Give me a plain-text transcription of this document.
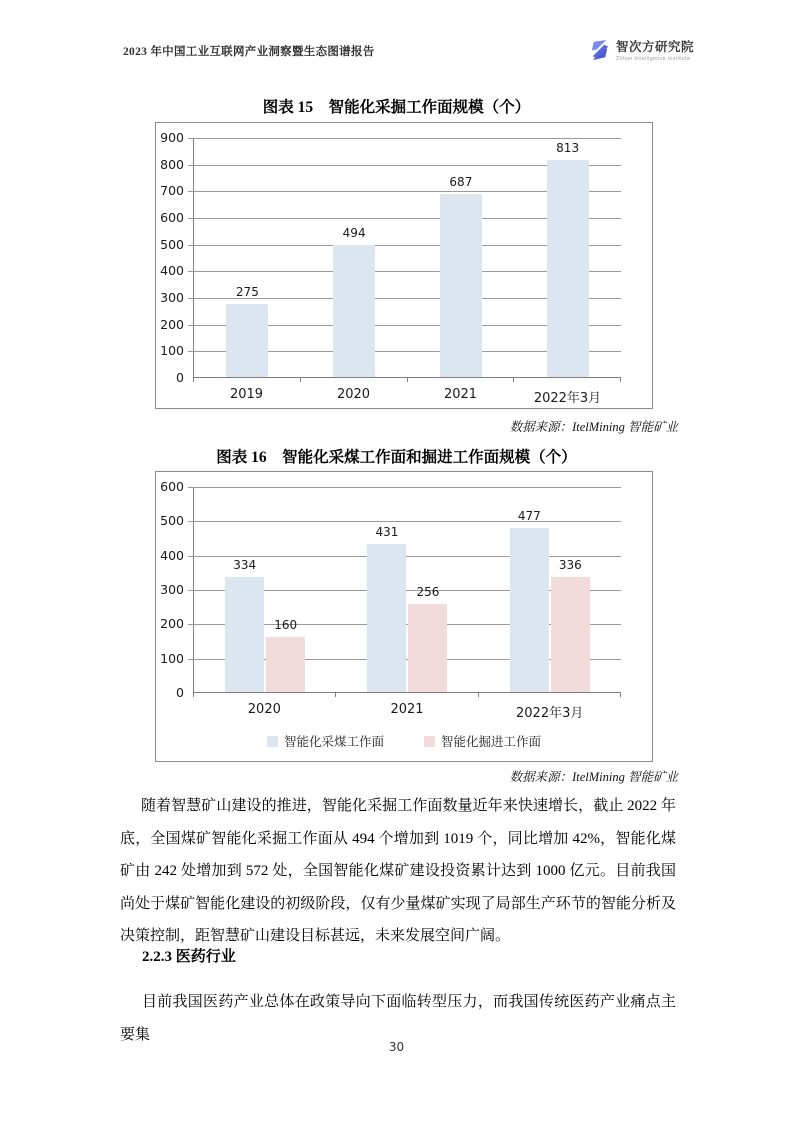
2023 年中国工业互联网产业洞察暨生态图谱报告	智次方研究院
Zillion Intelligence Institute
图表 15　智能化采掘工作面规模（个）
0
100
200
300
400
500
600
700
800
900
275
494
687
813
2019	2020	2021	2022年3月
数据来源：ItelMining 智能矿业
图表 16　智能化采煤工作面和掘进工作面规模（个）
0
100
200
300
400
500
600
334
160
431
256
477
336
2020	2021	2022年3月
智能化采煤工作面	智能化掘进工作面
数据来源：ItelMining 智能矿业

随着智慧矿山建设的推进，智能化采掘工作面数量近年来快速增长，截止 2022 年底，全国煤矿智能化采掘工作面从 494 个增加到 1019 个，同比增加 42%，智能化煤矿由 242 处增加到 572 处，全国智能化煤矿建设投资累计达到 1000 亿元。目前我国尚处于煤矿智能化建设的初级阶段，仅有少量煤矿实现了局部生产环节的智能分析及决策控制，距智慧矿山建设目标甚远，未来发展空间广阔。

2.2.3 医药行业

目前我国医药产业总体在政策导向下面临转型压力，而我国传统医药产业痛点主要集

30
